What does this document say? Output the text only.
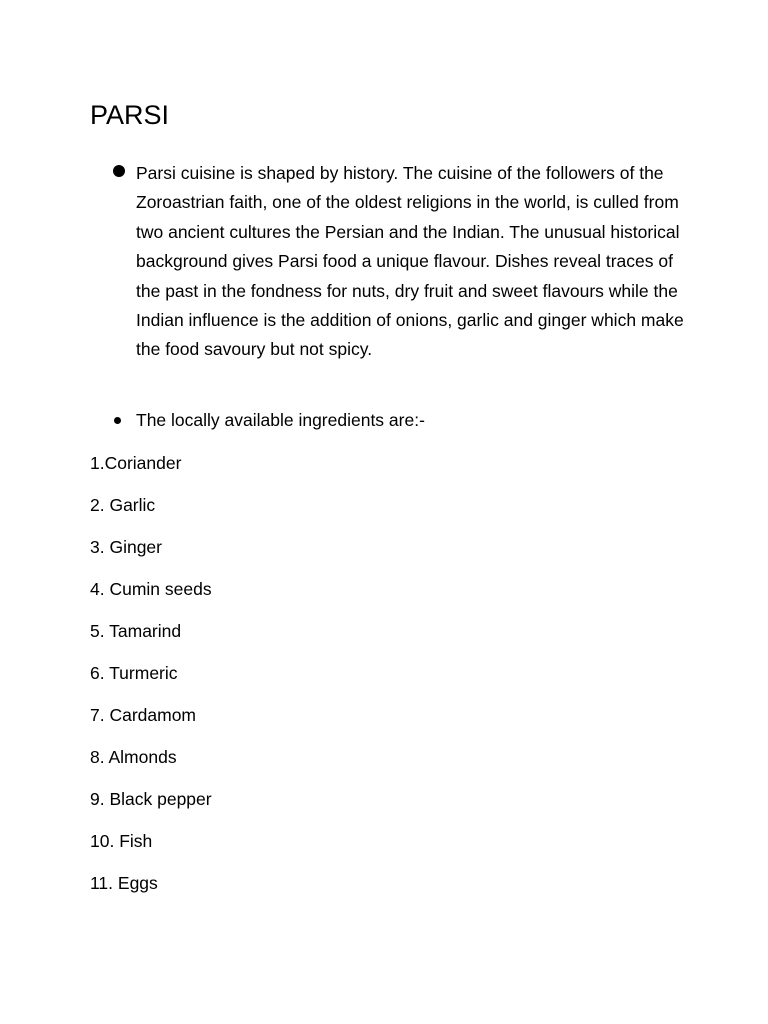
PARSI

Parsi cuisine is shaped by history. The cuisine of the followers of the Zoroastrian faith, one of the oldest religions in the world, is culled from two ancient cultures the Persian and the Indian. The unusual historical background gives Parsi food a unique flavour. Dishes reveal traces of the past in the fondness for nuts, dry fruit and sweet flavours while the Indian influence is the addition of onions, garlic and ginger which make the food savoury but not spicy.

The locally available ingredients are:-

1.Coriander
2. Garlic
3. Ginger
4. Cumin seeds
5. Tamarind
6. Turmeric
7. Cardamom
8. Almonds
9. Black pepper
10. Fish
11. Eggs
